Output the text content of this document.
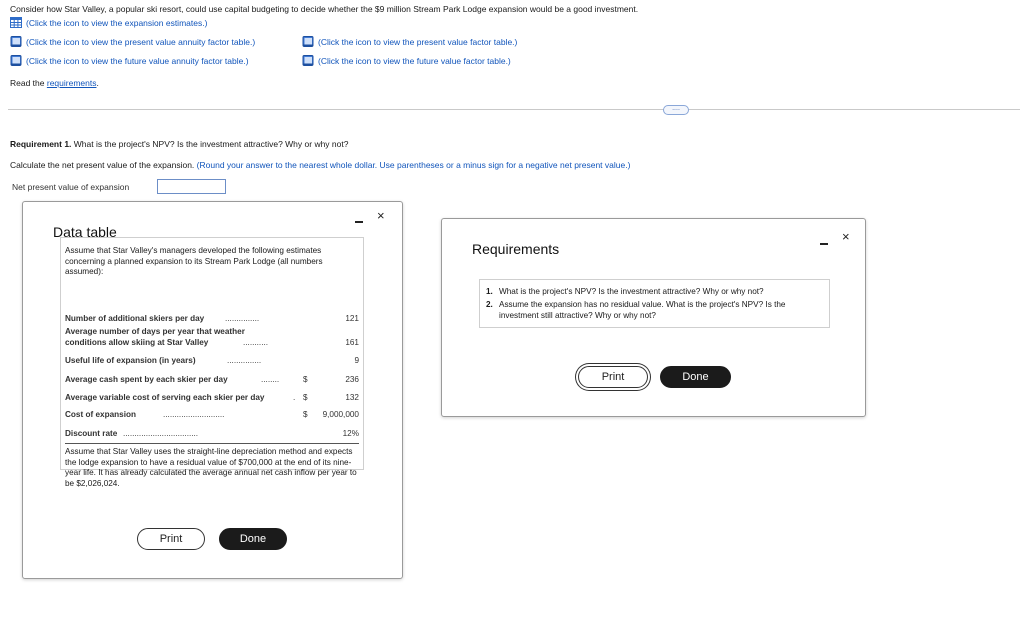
Consider how Star Valley, a popular ski resort, could use capital budgeting to decide whether the $9 million Stream Park Lodge expansion would be a good investment.
(Click the icon to view the expansion estimates.)
(Click the icon to view the present value annuity factor table.)
(Click the icon to view the future value annuity factor table.)
(Click the icon to view the present value factor table.)
(Click the icon to view the future value factor table.)
Read the requirements.
....
Requirement 1. What is the project's NPV? Is the investment attractive? Why or why not?
Calculate the net present value of the expansion. (Round your answer to the nearest whole dollar. Use parentheses or a minus sign for a negative net present value.)
Net present value of expansion
Data table
×
Assume that Star Valley's managers developed the following estimates concerning a planned expansion to its Stream Park Lodge (all numbers assumed):
Number of additional skiers per day	...............	121
Average number of days per year that weather
conditions allow skiing at Star Valley	...........	161
Useful life of expansion (in years)	...............	9
Average cash spent by each skier per day	........	$	236
Average variable cost of serving each skier per day	. $	132
Cost of expansion	...........................	$ 9,000,000
Discount rate .................................	12%
Assume that Star Valley uses the straight-line depreciation method and expects the lodge expansion to have a residual value of $700,000 at the end of its nine-year life. It has already calculated the average annual net cash inflow per year to be $2,026,024.
Print	Done
Requirements
×
1. What is the project's NPV? Is the investment attractive? Why or why not?
2. Assume the expansion has no residual value. What is the project's NPV? Is the investment still attractive? Why or why not?
Print	Done
